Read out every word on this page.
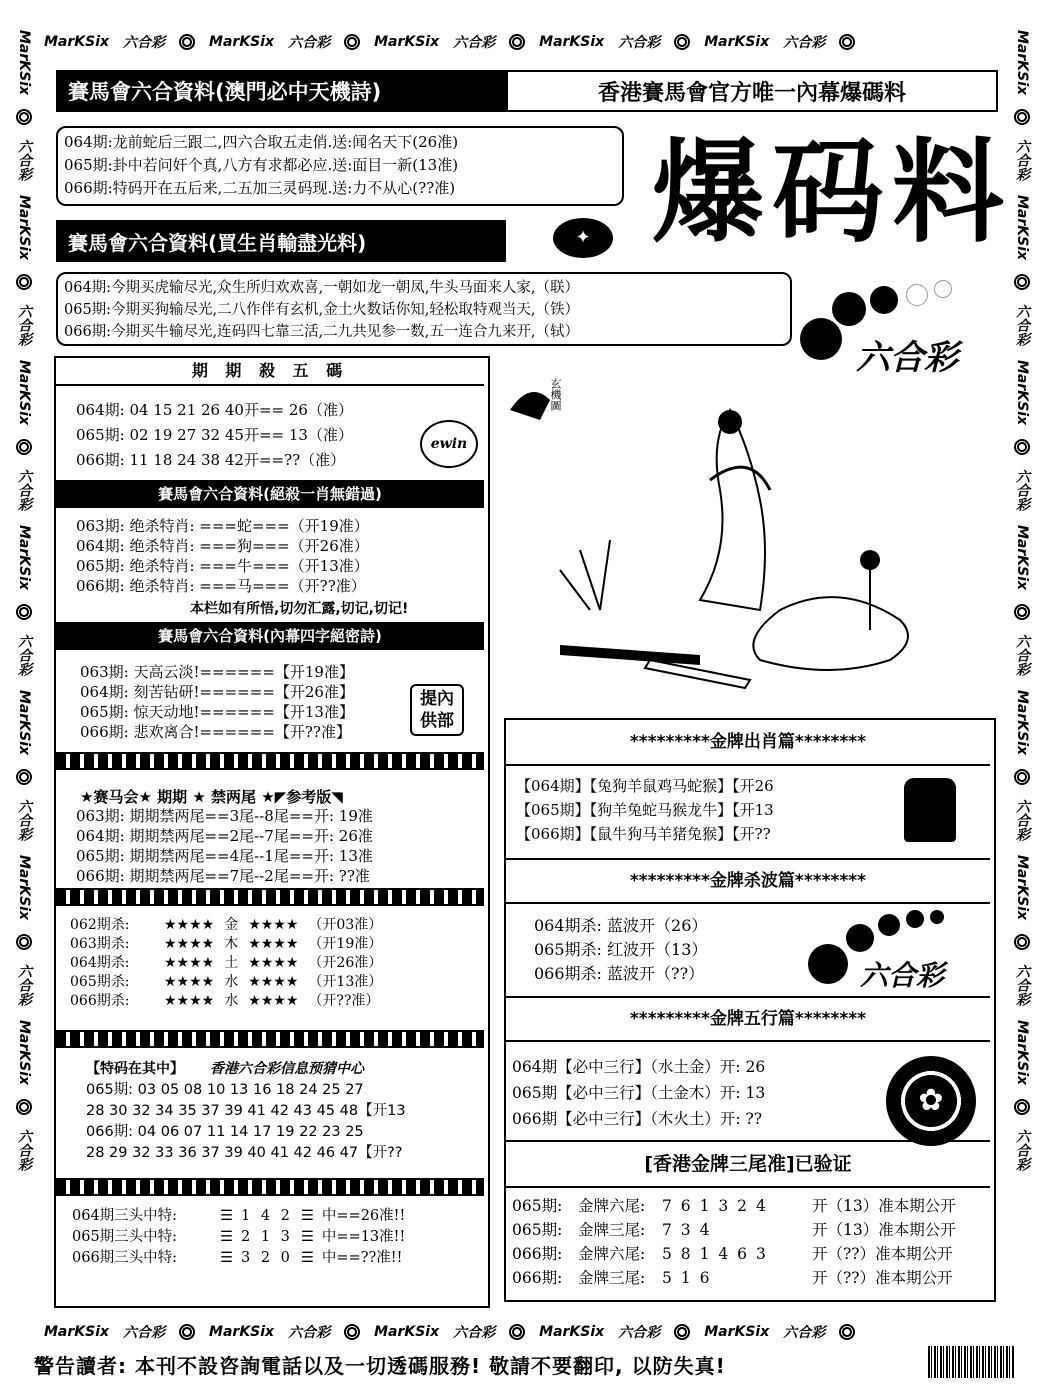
MarKSix 六合彩	MarKSix 六合彩	MarKSix 六合彩	MarKSix 六合彩	MarKSix 六合彩
MarKSix 六合彩	MarKSix 六合彩	MarKSix 六合彩	MarKSix 六合彩	MarKSix 六合彩
MarKSix
六合彩
MarKSix
六合彩
MarKSix
六合彩
MarKSix
六合彩
MarKSix
六合彩
MarKSix
六合彩
MarKSix
六合彩
MarKSix
六合彩
MarKSix
六合彩
MarKSix
六合彩
MarKSix
六合彩
MarKSix
六合彩
MarKSix
六合彩
MarKSix
六合彩
賽馬會六合資料(澳門必中天機詩)	香港賽馬會官方唯一內幕爆碼料
064期:龙前蛇后三跟二,四六合取五走俏.送:闻名天下(26准)
065期:卦中若问奸个真,八方有求都必应.送:面目一新(13准)
066期:特码开在五后来,二五加三灵码现.送:力不从心(??准)	爆码料
賽馬會六合資料(買生肖輸盡光料)	✦
064期:今期买虎输尽光,众生所归欢欢喜,一朝如龙一朝凤,牛头马面来人家,（联）
065期:今期买狗输尽光,二八作伴有玄机,金土火数话你知,轻松取特观当天,（铁）
066期:今期买牛输尽光,连码四七靠三活,二九共见参一数,五一连合九来开,（轼）
六合彩
期 期 殺 五 碼
064期: 04 15 21 26 40开== 26（准）
065期: 02 19 27 32 45开== 13（准）
066期: 11 18 24 38 42开==??（准）
ewin
賽馬會六合資料(絕殺一肖無錯過)
063期: 绝杀特肖: ===蛇===（开19准）
064期: 绝杀特肖: ===狗===（开26准）
065期: 绝杀特肖: ===牛===（开13准）
066期: 绝杀特肖: ===马===（开??准）
本栏如有所悟,切勿汇露,切记,切记!
賽馬會六合資料(內幕四字絕密詩)
063期: 天高云淡!======【开19准】
064期: 刻苦钻研!======【开26准】
065期: 惊天动地!======【开13准】
066期: 悲欢离合!======【开??准】
提內供部
★赛马会★ 期期 ★ 禁两尾 ★◤参考版◥
063期: 期期禁两尾==3尾--8尾==开: 19准
064期: 期期禁两尾==2尾--7尾==开: 26准
065期: 期期禁两尾==4尾--1尾==开: 13准
066期: 期期禁两尾==7尾--2尾==开: ??准
062期杀:	★★★★ 金 ★★★★ （开03准）
063期杀:	★★★★ 木 ★★★★ （开19准）
064期杀:	★★★★ 土 ★★★★ （开26准）
065期杀:	★★★★ 水 ★★★★ （开13准）
066期杀:	★★★★ 水 ★★★★ （开??准）
【特码在其中】 香港六合彩信息预猜中心
065期: 03 05 08 10 13 16 18 24 25 27
28 30 32 34 35 37 39 41 42 43 45 48【开13
066期: 04 06 07 11 14 17 19 22 23 25
28 29 32 33 36 37 39 40 41 42 46 47【开??
064期三头中特:	☰ 1 4 2 ☰ 中==26准!!
065期三头中特:	☰ 2 1 3 ☰ 中==13准!!
066期三头中特:	☰ 3 2 0 ☰ 中==??准!!
玄機圖
*********金牌出肖篇********
【064期】【兔狗羊鼠鸡马蛇猴】【开26
【065期】【狗羊兔蛇马猴龙牛】【开13
【066期】【鼠牛狗马羊猪兔猴】【开??
*********金牌杀波篇********
064期杀: 蓝波开（26）
065期杀: 红波开（13）
066期杀: 蓝波开（??）	六合彩
*********金牌五行篇********
064期【必中三行】（水土金）开: 26
065期【必中三行】（土金木）开: 13
066期【必中三行】（木火土）开: ??
✿
[香港金牌三尾准]已验证
065期:	金牌六尾:	7 6 1 3 2 4	开（13）准本期公开
065期:	金牌三尾:	7 3 4	开（13）准本期公开
066期:	金牌六尾:	5 8 1 4 6 3	开（??）准本期公开
066期:	金牌三尾:	5 1 6	开（??）准本期公开
警告讀者: 本刊不設咨詢電話以及一切透碼服務! 敬請不要翻印, 以防失真!
